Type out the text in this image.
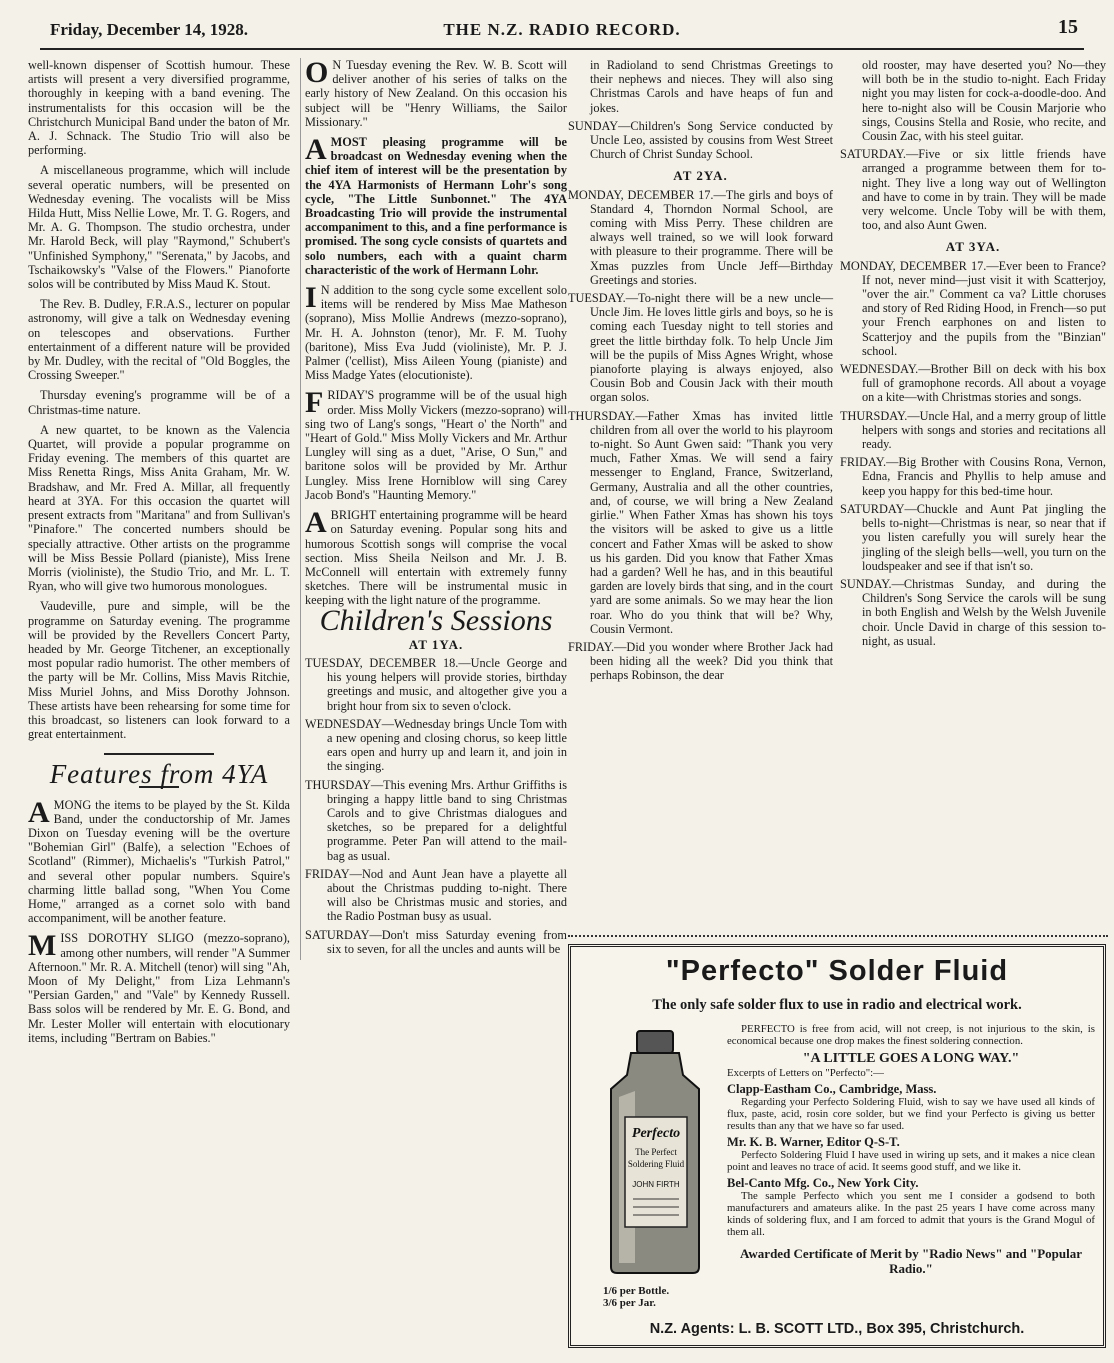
Friday, December 14, 1928.	THE N.Z. RADIO RECORD.	15

well-known dispenser of Scottish humour. These artists will present a very diversified programme, thoroughly in keeping with a band evening. The instrumentalists for this occasion will be the Christchurch Municipal Band under the baton of Mr. A. J. Schnack. The Studio Trio will also be performing.

A miscellaneous programme, which will include several operatic numbers, will be presented on Wednesday evening. The vocalists will be Miss Hilda Hutt, Miss Nellie Lowe, Mr. T. G. Rogers, and Mr. A. G. Thompson. The studio orchestra, under Mr. Harold Beck, will play "Raymond," Schubert's "Unfinished Symphony," "Serenata," by Jacobs, and Tschaikowsky's "Valse of the Flowers." Pianoforte solos will be contributed by Miss Maud K. Stout.

The Rev. B. Dudley, F.R.A.S., lecturer on popular astronomy, will give a talk on Wednesday evening on telescopes and observations. Further entertainment of a different nature will be provided by Mr. Dudley, with the recital of "Old Boggles, the Crossing Sweeper."

Thursday evening's programme will be of a Christmas-time nature.

A new quartet, to be known as the Valencia Quartet, will provide a popular programme on Friday evening. The members of this quartet are Miss Renetta Rings, Miss Anita Graham, Mr. W. Bradshaw, and Mr. Fred A. Millar, all frequently heard at 3YA. For this occasion the quartet will present extracts from "Maritana" and from Sullivan's "Pinafore." The concerted numbers should be specially attractive. Other artists on the programme will be Miss Bessie Pollard (pianiste), Miss Irene Morris (violiniste), the Studio Trio, and Mr. L. T. Ryan, who will give two humorous monologues.

Vaudeville, pure and simple, will be the programme on Saturday evening. The programme will be provided by the Revellers Concert Party, headed by Mr. George Titchener, an exceptionally most popular radio humorist. The other members of the party will be Mr. Collins, Miss Mavis Ritchie, Miss Muriel Johns, and Miss Dorothy Johnson. These artists have been rehearsing for some time for this broadcast, so listeners can look forward to a great entertainment.

Features from 4YA

AMONG the items to be played by the St. Kilda Band, under the conductorship of Mr. James Dixon on Tuesday evening will be the overture "Bohemian Girl" (Balfe), a selection "Echoes of Scotland" (Rimmer), Michaelis's "Turkish Patrol," and several other popular numbers. Squire's charming little ballad song, "When You Come Home," arranged as a cornet solo with band accompaniment, will be another feature.

MISS DOROTHY SLIGO (mezzo-soprano), among other numbers, will render "A Summer Afternoon." Mr. R. A. Mitchell (tenor) will sing "Ah, Moon of My Delight," from Liza Lehmann's "Persian Garden," and "Vale" by Kennedy Russell. Bass solos will be rendered by Mr. E. G. Bond, and Mr. Lester Moller will entertain with elocutionary items, including "Bertram on Babies."

O N Tuesday evening the Rev. W. B. Scott will deliver another of his series of talks on the early history of New Zealand. On this occasion his subject will be "Henry Williams, the Sailor Missionary."

AMOST pleasing programme will be broadcast on Wednesday evening when the chief item of interest will be the presentation by the 4YA Harmonists of Hermann Lohr's song cycle, "The Little Sunbonnet." The 4YA Broadcasting Trio will provide the instrumental accompaniment to this, and a fine performance is promised. The song cycle consists of quartets and solo numbers, each with a quaint charm characteristic of the work of Hermann Lohr.

I N addition to the song cycle some excellent solo items will be rendered by Miss Mae Matheson (soprano), Miss Mollie Andrews (mezzo-soprano), Mr. H. A. Johnston (tenor), Mr. F. M. Tuohy (baritone), Miss Eva Judd (violiniste), Mr. P. J. Palmer ('cellist), Miss Aileen Young (pianiste) and Miss Madge Yates (elocutioniste).

FRIDAY'S programme will be of the usual high order. Miss Molly Vickers (mezzo-soprano) will sing two of Lang's songs, "Heart o' the North" and "Heart of Gold." Miss Molly Vickers and Mr. Arthur Lungley will sing as a duet, "Arise, O Sun," and baritone solos will be provided by Mr. Arthur Lungley. Miss Irene Horniblow will sing Carey Jacob Bond's "Haunting Memory."

ABRIGHT entertaining programme will be heard on Saturday evening. Popular song hits and humorous Scottish songs will comprise the vocal section. Miss Sheila Neilson and Mr. J. B. McConnell will entertain with extremely funny sketches. There will be instrumental music in keeping with the light nature of the programme.

Children's Sessions
AT 1YA.
TUESDAY, DECEMBER 18.—Uncle George and his young helpers will provide stories, birthday greetings and music, and altogether give you a bright hour from six to seven o'clock.
WEDNESDAY—Wednesday brings Uncle Tom with a new opening and closing chorus, so keep little ears open and hurry up and learn it, and join in the singing.
THURSDAY—This evening Mrs. Arthur Griffiths is bringing a happy little band to sing Christmas Carols and to give Christmas dialogues and sketches, so be prepared for a delightful programme. Peter Pan will attend to the mail-bag as usual.
FRIDAY—Nod and Aunt Jean have a playette all about the Christmas pudding to-night. There will also be Christmas music and stories, and the Radio Postman busy as usual.
SATURDAY—Don't miss Saturday evening from six to seven, for all the uncles and aunts will be
in Radioland to send Christmas Greetings to their nephews and nieces. They will also sing Christmas Carols and have heaps of fun and jokes.
SUNDAY—Children's Song Service conducted by Uncle Leo, assisted by cousins from West Street Church of Christ Sunday School.
AT 2YA.
MONDAY, DECEMBER 17.—The girls and boys of Standard 4, Thorndon Normal School, are coming with Miss Perry. These children are always well trained, so we will look forward with pleasure to their programme. There will be Xmas puzzles from Uncle Jeff—Birthday Greetings and stories.
TUESDAY.—To-night there will be a new uncle—Uncle Jim. He loves little girls and boys, so he is coming each Tuesday night to tell stories and greet the little birthday folk. To help Uncle Jim will be the pupils of Miss Agnes Wright, whose pianoforte playing is always enjoyed, also Cousin Bob and Cousin Jack with their mouth organ solos.
THURSDAY.—Father Xmas has invited little children from all over the world to his playroom to-night. So Aunt Gwen said: "Thank you very much, Father Xmas. We will send a fairy messenger to England, France, Switzerland, Germany, Australia and all the other countries, and, of course, we will bring a New Zealand girlie." When Father Xmas has shown his toys the visitors will be asked to give us a little concert and Father Xmas will be asked to show us his garden. Did you know that Father Xmas had a garden? Well he has, and in this beautiful garden are lovely birds that sing, and in the court yard are some animals. So we may hear the lion roar. Who do you think that will be? Why, Cousin Vermont.
FRIDAY.—Did you wonder where Brother Jack had been hiding all the week? Did you think that perhaps Robinson, the dear
old rooster, may have deserted you? No—they will both be in the studio to-night. Each Friday night you may listen for cock-a-doodle-doo. And here to-night also will be Cousin Marjorie who sings, Cousins Stella and Rosie, who recite, and Cousin Zac, with his steel guitar.
SATURDAY.—Five or six little friends have arranged a programme between them for to-night. They live a long way out of Wellington and have to come in by train. They will be made very welcome. Uncle Toby will be with them, too, and also Aunt Gwen.
AT 3YA.
MONDAY, DECEMBER 17.—Ever been to France? If not, never mind—just visit it with Scatterjoy, "over the air." Comment ca va? Little choruses and story of Red Riding Hood, in French—so put your French earphones on and listen to Scatterjoy and the pupils from the "Binzian" school.
WEDNESDAY.—Brother Bill on deck with his box full of gramophone records. All about a voyage on a kite—with Christmas stories and songs.
THURSDAY.—Uncle Hal, and a merry group of little helpers with songs and stories and recitations all ready.
FRIDAY.—Big Brother with Cousins Rona, Vernon, Edna, Francis and Phyllis to help amuse and keep you happy for this bed-time hour.
SATURDAY—Chuckle and Aunt Pat jingling the bells to-night—Christmas is near, so near that if you listen carefully you will surely hear the jingling of the sleigh bells—well, you turn on the loudspeaker and see if that isn't so.
SUNDAY.—Christmas Sunday, and during the Children's Song Service the carols will be sung in both English and Welsh by the Welsh Juvenile choir. Uncle David in charge of this session to-night, as usual.
"Perfecto" Solder Fluid
The only safe solder flux to use in radio and electrical work.
Perfecto
The Perfect
Soldering Fluid
JOHN FIRTH
1/6 per Bottle.
3/6 per Jar.

PERFECTO is free from acid, will not creep, is not injurious to the skin, is economical because one drop makes the finest soldering connection.

"A LITTLE GOES A LONG WAY."
Excerpts of Letters on "Perfecto":—
Clapp-Eastham Co., Cambridge, Mass.

Regarding your Perfecto Soldering Fluid, wish to say we have used all kinds of flux, paste, acid, rosin core solder, but we find your Perfecto is giving us better results than any that we have so far used.

Mr. K. B. Warner, Editor Q-S-T.

Perfecto Soldering Fluid I have used in wiring up sets, and it makes a nice clean point and leaves no trace of acid. It seems good stuff, and we like it.

Bel-Canto Mfg. Co., New York City.

The sample Perfecto which you sent me I consider a godsend to both manufacturers and amateurs alike. In the past 25 years I have come across many kinds of soldering flux, and I am forced to admit that yours is the Grand Mogul of them all.

Awarded Certificate of Merit by "Radio News" and "Popular Radio."
N.Z. Agents: L. B. SCOTT LTD., Box 395, Christchurch.
